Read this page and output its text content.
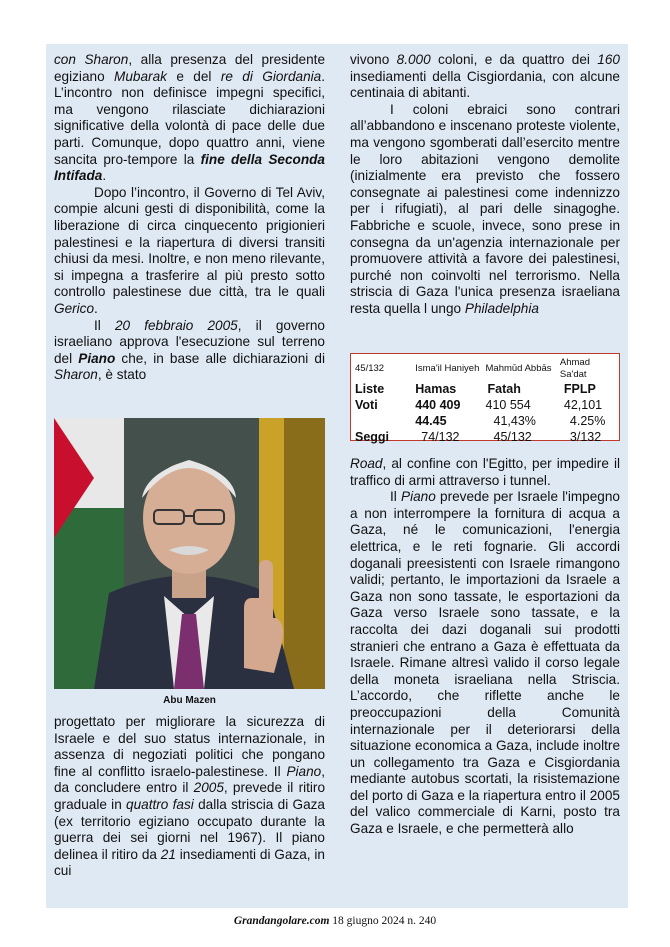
con Sharon, alla presenza del presidente egiziano Mubarak e del re di Giordania. L’incontro non definisce impegni specifici, ma vengono rilasciate dichiarazioni significative della volontà di pace delle due parti. Comunque, dopo quattro anni, viene sancita pro-tempore la fine della Seconda Intifada.

Dopo l’incontro, il Governo di Tel Aviv, compie alcuni gesti di disponibilità, come la liberazione di circa cinquecento prigionieri palestinesi e la riapertura di diversi transiti chiusi da mesi. Inoltre, e non meno rilevante, si impegna a trasferire al più presto sotto controllo palestinese due città, tra le quali Gerico.

Il 20 febbraio 2005, il governo israeliano approva l'esecuzione sul terreno del Piano che, in base alle dichiarazioni di Sharon, è stato

Abu Mazen

progettato per migliorare la sicurezza di Israele e del suo status internazionale, in assenza di negoziati politici che pongano fine al conflitto israelo-palestinese. Il Piano, da concludere entro il 2005, prevede il ritiro graduale in quattro fasi dalla striscia di Gaza (ex territorio egiziano occupato durante la guerra dei sei giorni nel 1967). Il piano delinea il ritiro da 21 insediamenti di Gaza, in cui

vivono 8.000 coloni, e da quattro dei 160 insediamenti della Cisgiordania, con alcune centinaia di abitanti.

I coloni ebraici sono contrari all’abbandono e inscenano proteste violente, ma vengono sgomberati dall’esercito mentre le loro abitazioni vengono demolite (inizialmente era previsto che fossero consegnate ai palestinesi come indennizzo per i rifugiati), al pari delle sinagoghe. Fabbriche e scuole, invece, sono prese in consegna da un'agenzia internazionale per promuovere attività a favore dei palestinesi, purché non coinvolti nel terrorismo. Nella striscia di Gaza l'unica presenza israeliana resta quella l ungo Philadelphia

45/132	Isma'il Haniyeh	Mahmūd Abbās	Ahmad Sa'dat
Liste	Hamas	Fatah	FPLP
Voti	440 409	410 554	42,101
	44.45	41,43%	4.25%
Seggi	74/132	45/132	3/132

Road, al confine con l'Egitto, per impedire il traffico di armi attraverso i tunnel.

Il Piano prevede per Israele l'impegno a non interrompere la fornitura di acqua a Gaza, né le comunicazioni, l'energia elettrica, e le reti fognarie. Gli accordi doganali preesistenti con Israele rimangono validi; pertanto, le importazioni da Israele a Gaza non sono tassate, le esportazioni da Gaza verso Israele sono tassate, e la raccolta dei dazi doganali sui prodotti stranieri che entrano a Gaza è effettuata da Israele. Rimane altresì valido il corso legale della moneta israeliana nella Striscia. L’accordo, che riflette anche le preoccupazioni della Comunità internazionale per il deteriorarsi della situazione economica a Gaza, include inoltre un collegamento tra Gaza e Cisgiordania mediante autobus scortati, la risistemazione del porto di Gaza e la riapertura entro il 2005 del valico commerciale di Karni, posto tra Gaza e Israele, e che permetterà allo

Grandangolare.com 18 giugno 2024 n. 240
